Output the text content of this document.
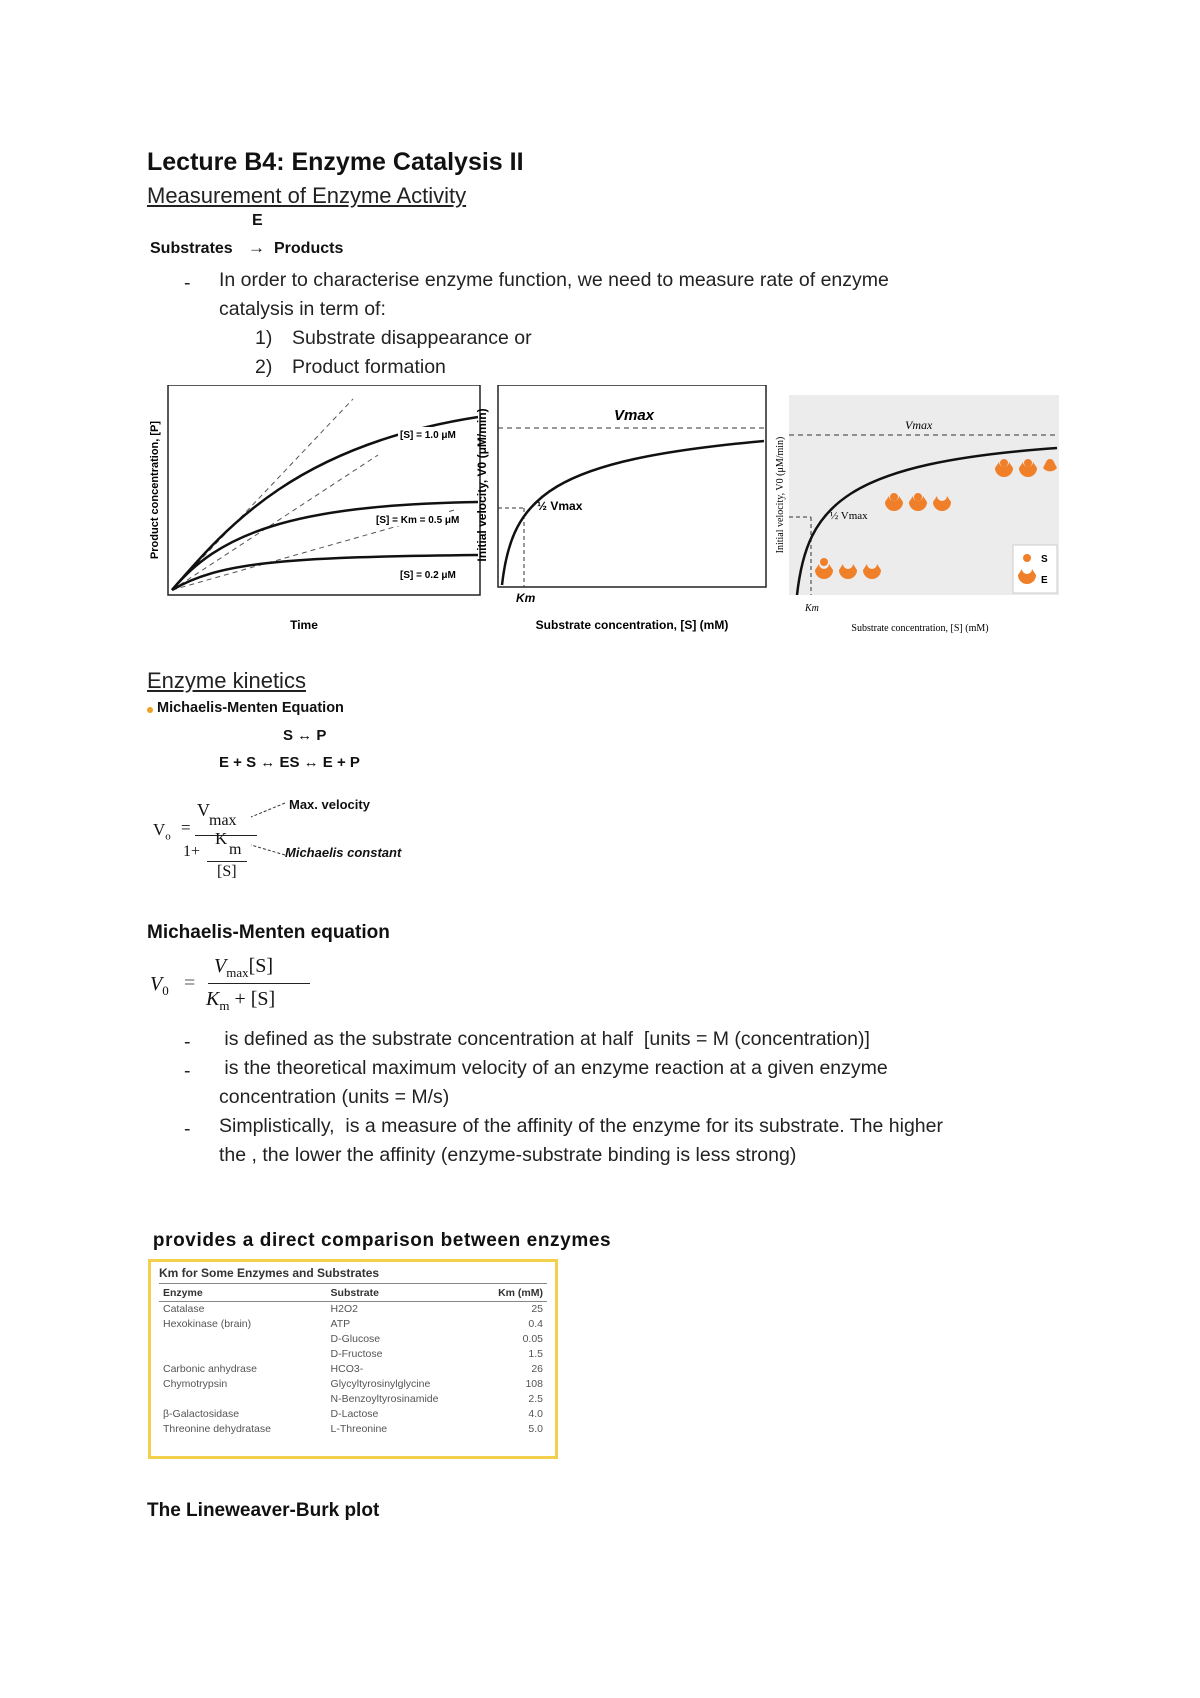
Lecture B4: Enzyme Catalysis II
Measurement of Enzyme Activity
E
Substrates → Products
- In order to characterise enzyme function, we need to measure rate of enzyme
catalysis in term of:
1) Substrate disappearance or
2) Product formation
[S] = 1.0 μM
[S] = Km = 0.5 μM
[S] = 0.2 μM
Time
Product concentration, [P]
Vmax
½ Vmax
Km
Substrate concentration, [S] (mM)
Initial velocity, V0 (μM/min)	Vmax
½ Vmax
Km
Substrate concentration, [S] (mM)
Initial velocity, V0 (μM/min)
S
E
Enzyme kinetics
Michaelis-Menten Equation
S ↔ P
E + S ↔ ES ↔ E + P
$V_o$ =
V
max
1+
K
m
[S]
Max. velocity
Michaelis constant
Michaelis-Menten equation
$V_0$ =
$V_{max}[S]$
$K_m + [S]$
- is defined as the substrate concentration at half  [units = M (concentration)]
- is the theoretical maximum velocity of an enzyme reaction at a given enzyme
concentration (units = M/s)
- Simplistically,  is a measure of the affinity of the enzyme for its substrate. The higher
the , the lower the affinity (enzyme-substrate binding is less strong)
provides a direct comparison between enzymes
Km for Some Enzymes and Substrates
Enzyme	Substrate	Km (mM)
Catalase	H2O2	25
Hexokinase (brain)	ATP	0.4
	D-Glucose	0.05
	D-Fructose	1.5
Carbonic anhydrase	HCO3-	26
Chymotrypsin	Glycyltyrosinylglycine	108
	N-Benzoyltyrosinamide	2.5
β-Galactosidase	D-Lactose	4.0
Threonine dehydratase	L-Threonine	5.0
The Lineweaver-Burk plot
